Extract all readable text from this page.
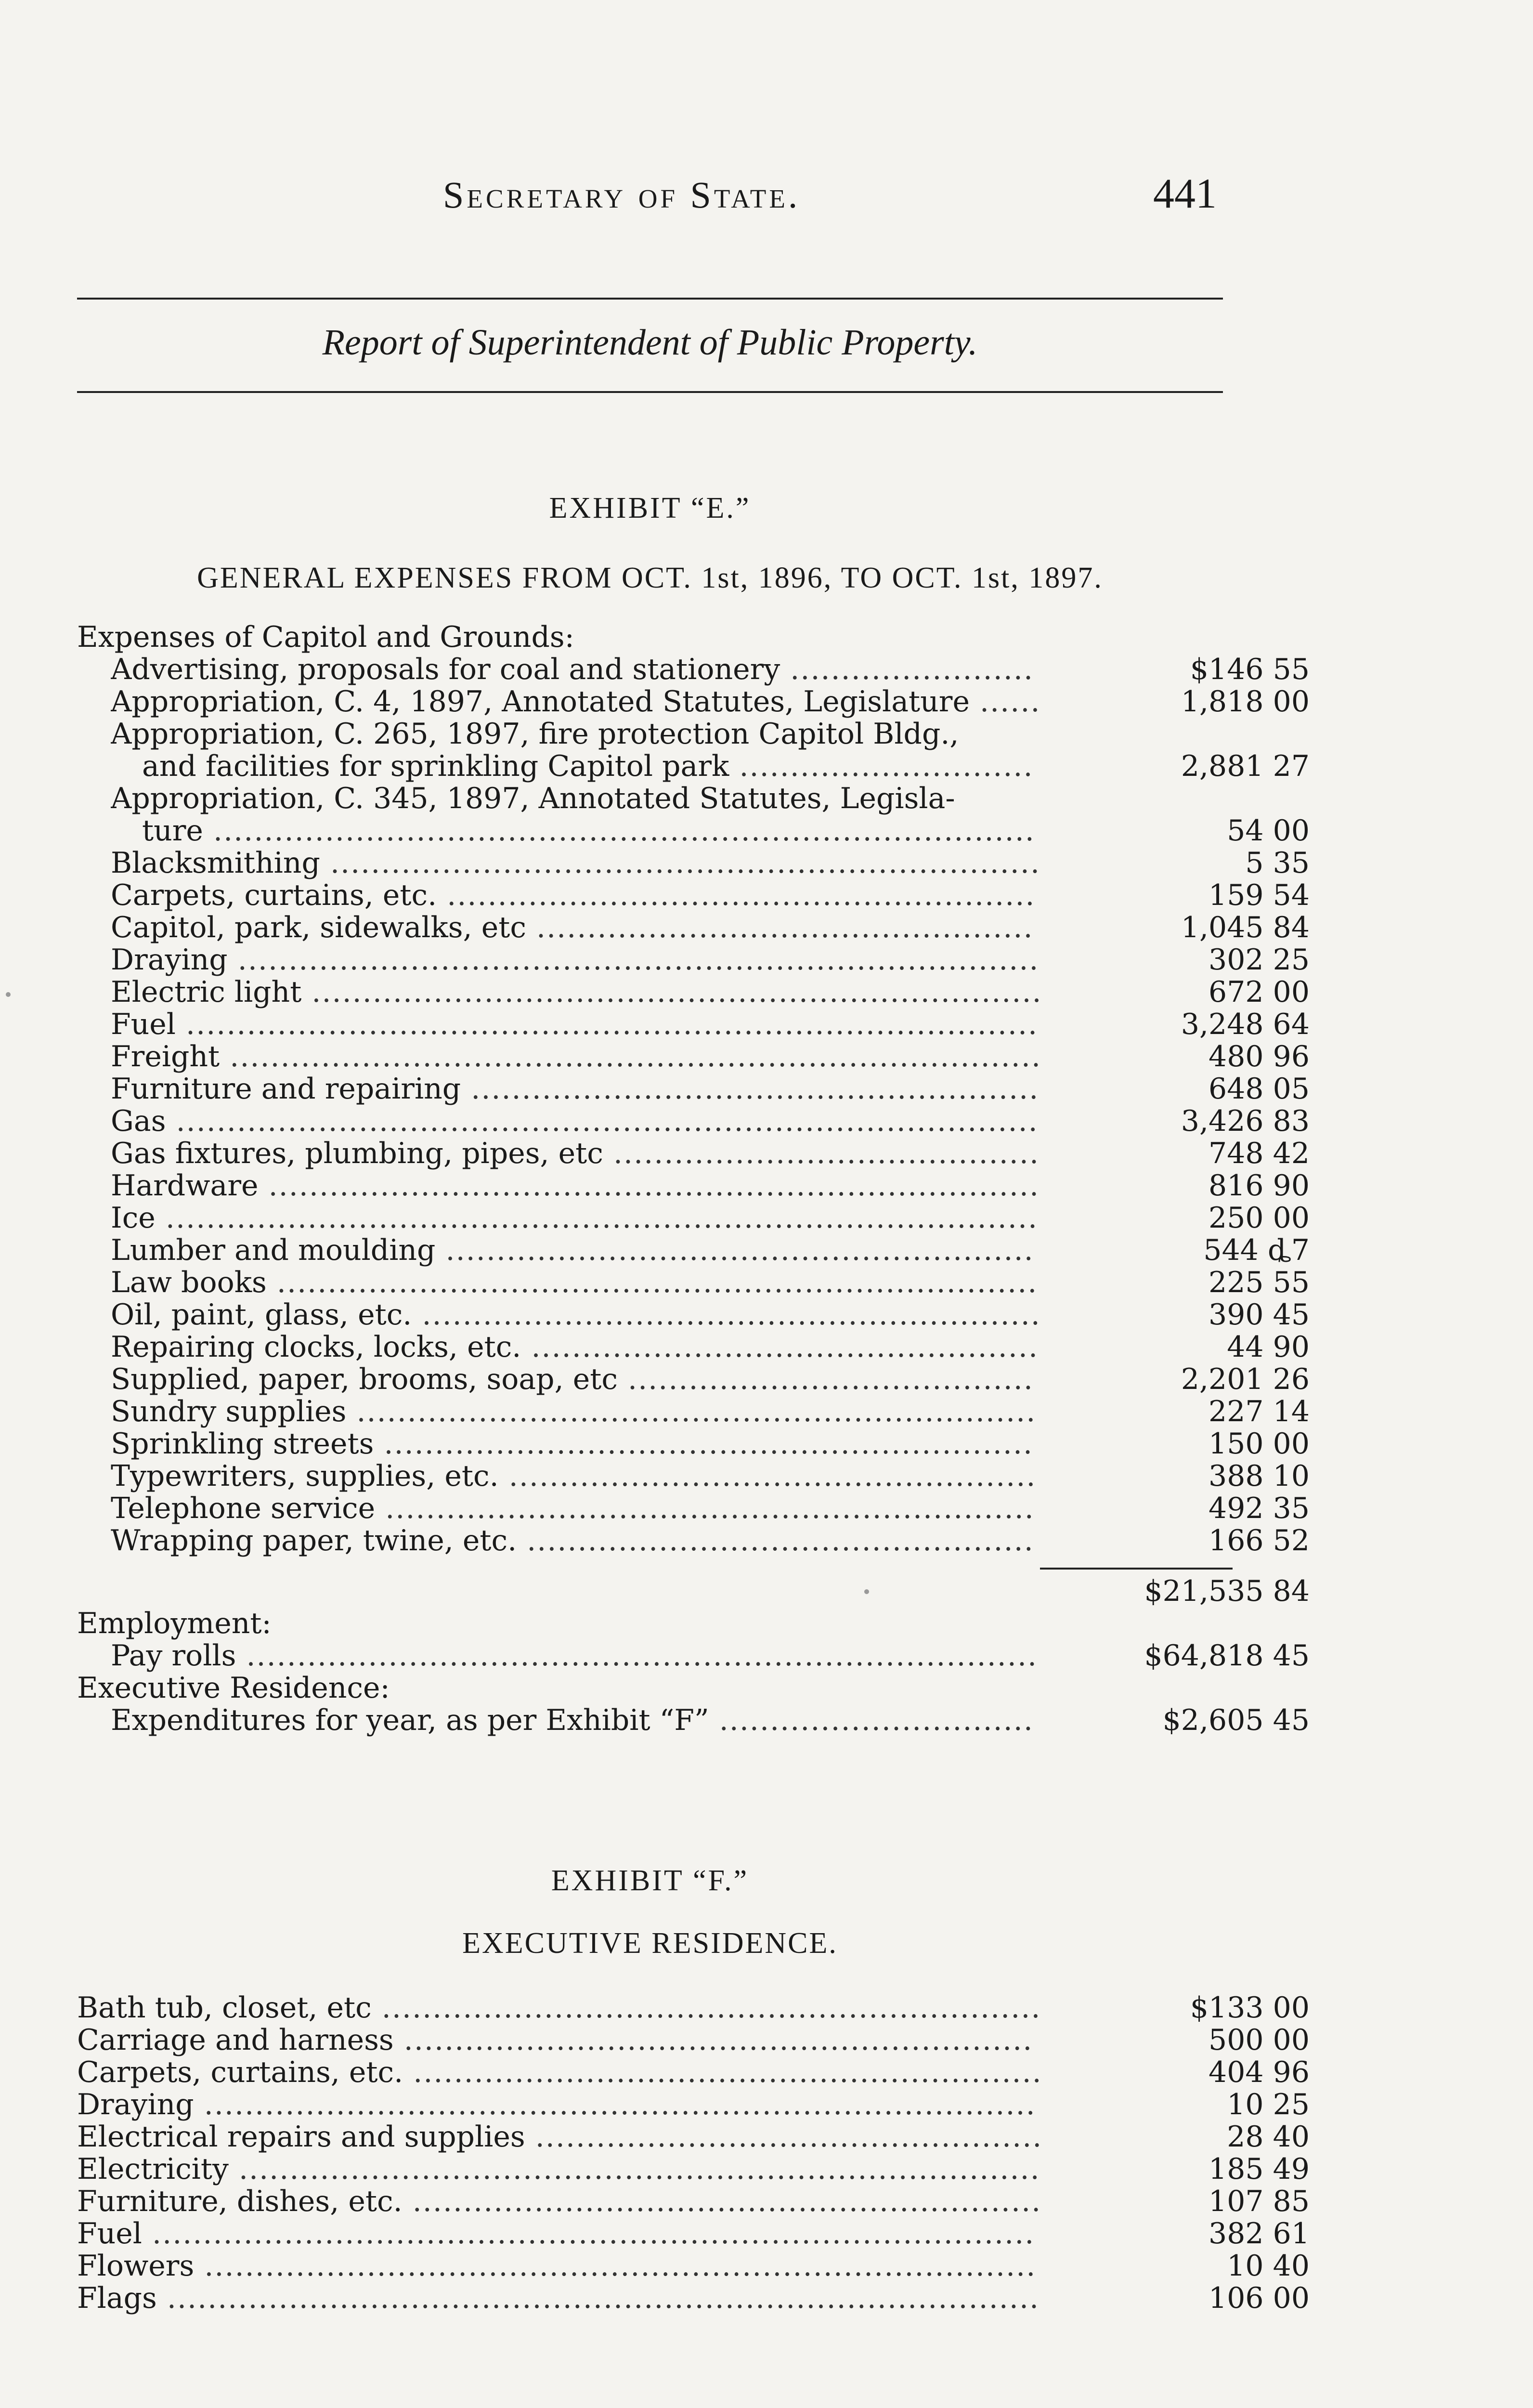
Secretary of State.	441
Report of Superintendent of Public Property.
EXHIBIT “E.”
GENERAL EXPENSES FROM OCT. 1st, 1896, TO OCT. 1st, 1897.
Expenses of Capitol and Grounds:
Advertising, proposals for coal and stationery ........................	$146 55
Appropriation, C. 4, 1897, Annotated Statutes, Legislature ......	1,818 00
Appropriation, C. 265, 1897, fire protection Capitol Bldg.,
and facilities for sprinkling Capitol park .............................	2,881 27
Appropriation, C. 345, 1897, Annotated Statutes, Legisla-
ture .................................................................................	54 00
Blacksmithing ......................................................................	5 35
Carpets, curtains, etc. ..........................................................	159 54
Capitol, park, sidewalks, etc .................................................	1,045 84
Draying ...............................................................................	302 25
Electric light ........................................................................	672 00
Fuel ....................................................................................	3,248 64
Freight ................................................................................	480 96
Furniture and repairing ........................................................	648 05
Gas .....................................................................................	3,426 83
Gas fixtures, plumbing, pipes, etc ..........................................	748 42
Hardware ............................................................................	816 90
Ice ......................................................................................	250 00
Lumber and moulding ..........................................................	544 ȡ7
Law books ...........................................................................	225 55
Oil, paint, glass, etc. .............................................................	390 45
Repairing clocks, locks, etc. ..................................................	44 90
Supplied, paper, brooms, soap, etc ........................................	2,201 26
Sundry supplies ...................................................................	227 14
Sprinkling streets ................................................................	150 00
Typewriters, supplies, etc. ....................................................	388 10
Telephone service ................................................................	492 35
Wrapping paper, twine, etc. ..................................................	166 52
$21,535 84
Employment:
Pay rolls ..............................................................................	$64,818 45
Executive Residence:
Expenditures for year, as per Exhibit “F” ...............................	$2,605 45
EXHIBIT “F.”
EXECUTIVE RESIDENCE.
Bath tub, closet, etc .................................................................	$133 00
Carriage and harness ..............................................................	500 00
Carpets, curtains, etc. ..............................................................	404 96
Draying ..................................................................................	10 25
Electrical repairs and supplies ..................................................	28 40
Electricity ...............................................................................	185 49
Furniture, dishes, etc. ..............................................................	107 85
Fuel .......................................................................................	382 61
Flowers ..................................................................................	10 40
Flags ......................................................................................	106 00
